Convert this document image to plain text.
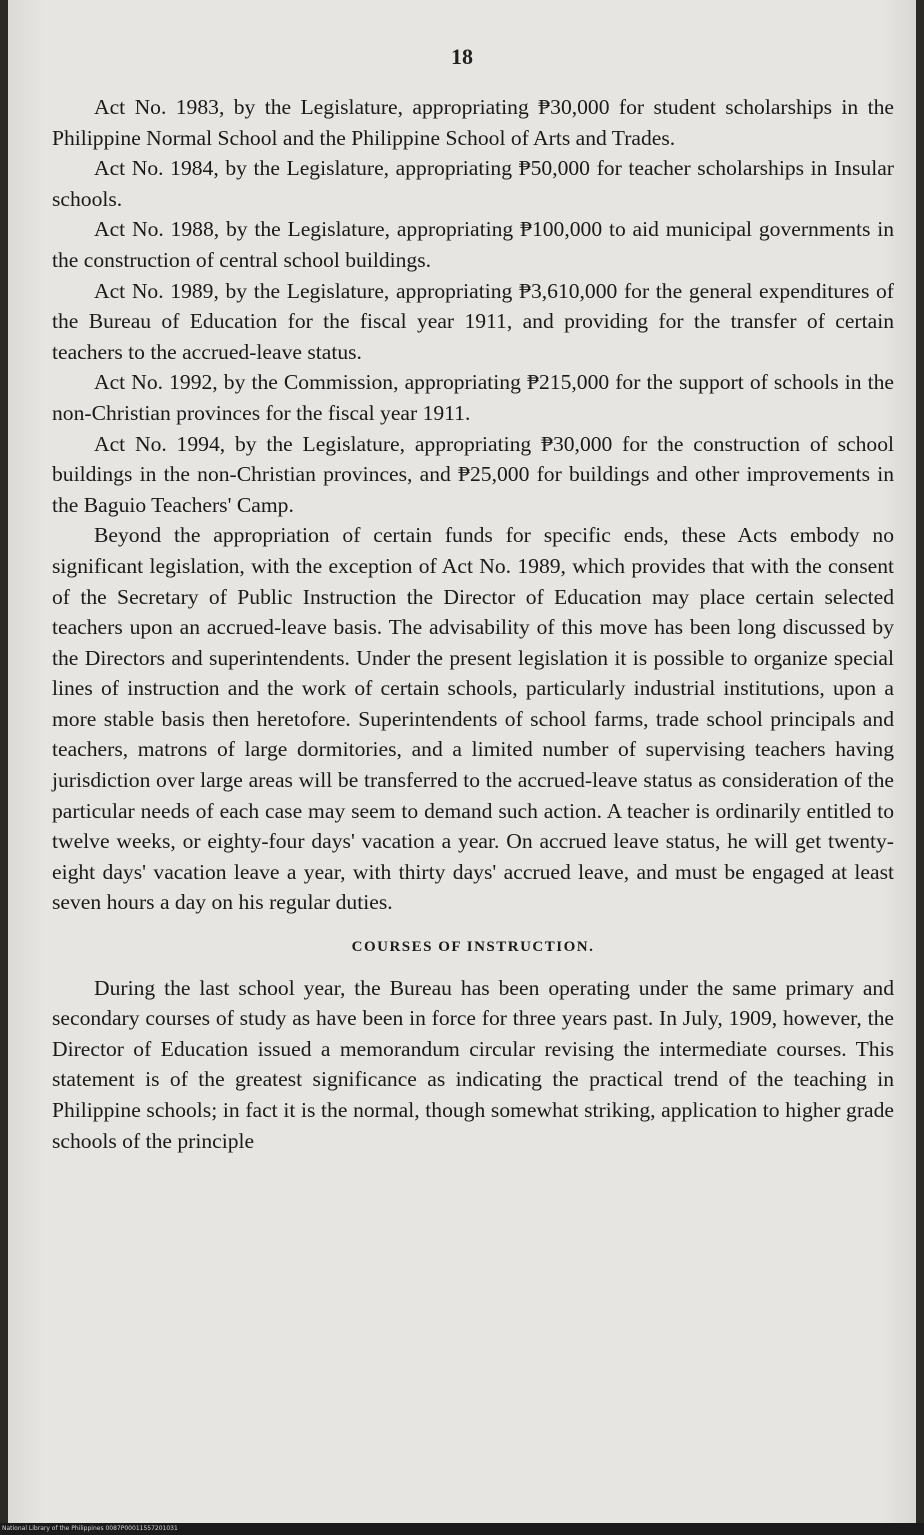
18

Act No. 1983, by the Legislature, appropriating ₱30,000 for student scholarships in the Philippine Normal School and the Philippine School of Arts and Trades.

Act No. 1984, by the Legislature, appropriating ₱50,000 for teacher scholarships in Insular schools.

Act No. 1988, by the Legislature, appropriating ₱100,000 to aid municipal governments in the construction of central school buildings.

Act No. 1989, by the Legislature, appropriating ₱3,610,000 for the general expenditures of the Bureau of Education for the fiscal year 1911, and providing for the transfer of certain teachers to the accrued-leave status.

Act No. 1992, by the Commission, appropriating ₱215,000 for the support of schools in the non-Christian provinces for the fiscal year 1911.

Act No. 1994, by the Legislature, appropriating ₱30,000 for the construction of school buildings in the non-Christian provinces, and ₱25,000 for buildings and other improvements in the Baguio Teachers' Camp.

Beyond the appropriation of certain funds for specific ends, these Acts embody no significant legislation, with the exception of Act No. 1989, which provides that with the consent of the Secretary of Public Instruction the Director of Education may place certain selected teachers upon an accrued-leave basis. The advisability of this move has been long discussed by the Directors and superintendents. Under the present legislation it is possible to organize special lines of instruction and the work of certain schools, particularly industrial institutions, upon a more stable basis then heretofore. Superintendents of school farms, trade school principals and teachers, matrons of large dormitories, and a limited number of supervising teachers having jurisdiction over large areas will be transferred to the accrued-leave status as consideration of the particular needs of each case may seem to demand such action. A teacher is ordinarily entitled to twelve weeks, or eighty-four days' vacation a year. On accrued leave status, he will get twenty-eight days' vacation leave a year, with thirty days' accrued leave, and must be engaged at least seven hours a day on his regular duties.

COURSES OF INSTRUCTION.

During the last school year, the Bureau has been operating under the same primary and secondary courses of study as have been in force for three years past. In July, 1909, however, the Director of Education issued a memorandum circular revising the intermediate courses. This statement is of the greatest significance as indicating the practical trend of the teaching in Philippine schools; in fact it is the normal, though somewhat striking, application to higher grade schools of the principle

National Library of the Philippines 0087P00011557201031
